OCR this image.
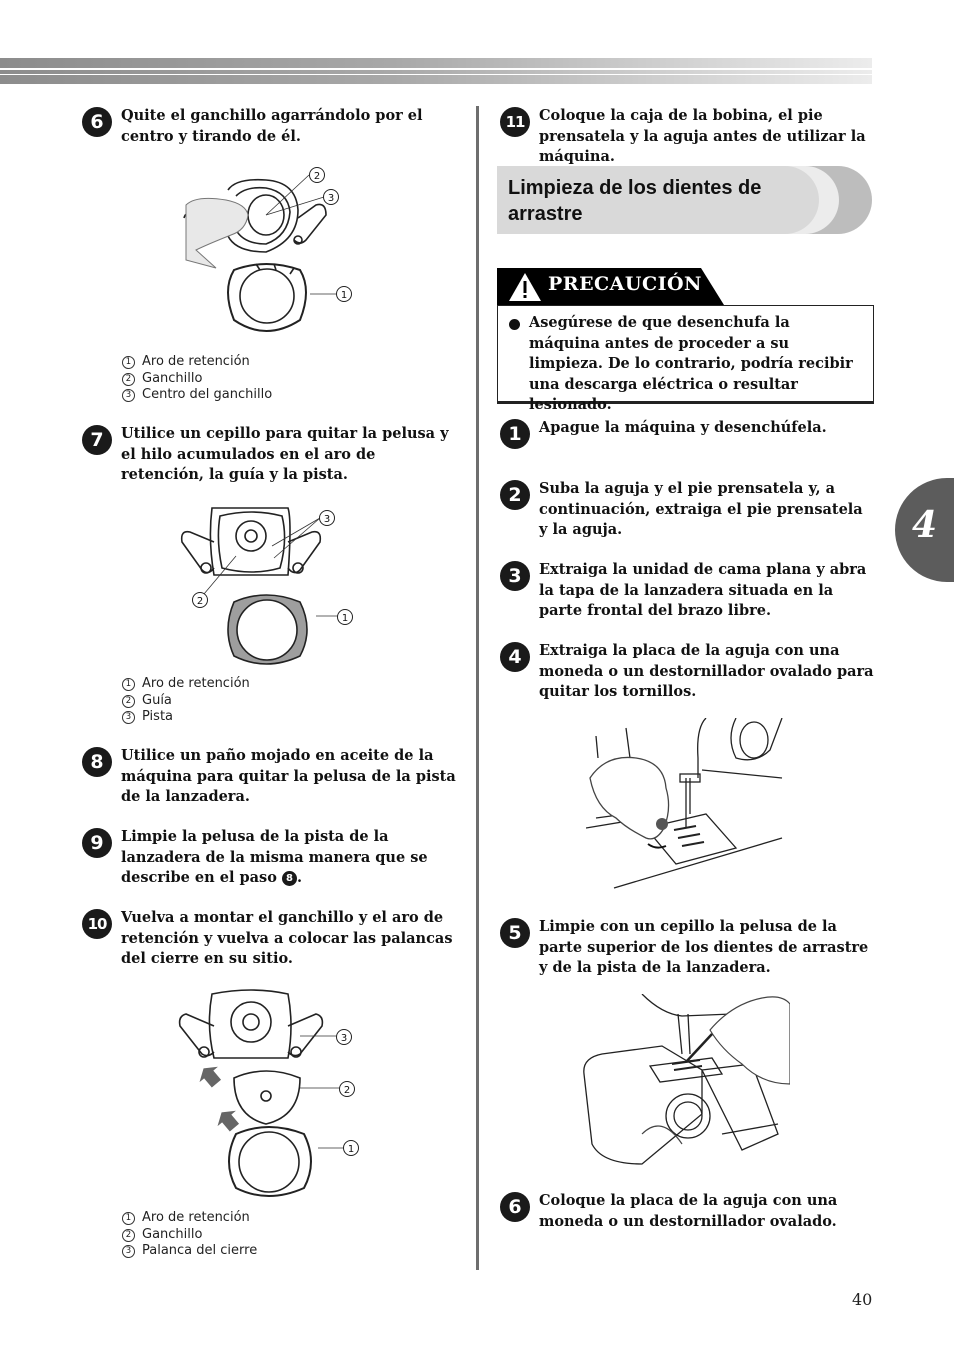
6	Quite el ganchillo agarrándolo por el centro y tirando de él.
2
3
1
1 Aro de retención
2 Ganchillo
3 Centro del ganchillo
7	Utilice un cepillo para quitar la pelusa y el hilo acumulados en el aro de retención, la guía y la pista.
3
2
1
1 Aro de retención
2 Guía
3 Pista
8	Utilice un paño mojado en aceite de la máquina para quitar la pelusa de la pista de la lanzadera.
9	Limpie la pelusa de la pista de la lanzadera de la misma manera que se describe en el paso 8 .
10	Vuelva a montar el ganchillo y el aro de retención y vuelva a colocar las palancas del cierre en su sitio.
3
2
1
1 Aro de retención
2 Ganchillo
3 Palanca del cierre
11	Coloque la caja de la bobina, el pie prensatela y la aguja antes de utilizar la máquina.
Limpieza de los dientes de arrastre
PRECAUCIÓN
Asegúrese de que desenchufa la máquina antes de proceder a su limpieza. De lo contrario, podría recibir una descarga eléctrica o resultar lesionado.
1	Apague la máquina y desenchúfela.
2	Suba la aguja y el pie prensatela y, a continuación, extraiga el pie prensatela y la aguja.
3	Extraiga la unidad de cama plana y abra la tapa de la lanzadera situada en la parte frontal del brazo libre.
4	Extraiga la placa de la aguja con una moneda o un destornillador ovalado para quitar los tornillos.
5	Limpie con un cepillo la pelusa de la parte superior de los dientes de arrastre y de la pista de la lanzadera.
6	Coloque la placa de la aguja con una moneda o un destornillador ovalado.
4
40
